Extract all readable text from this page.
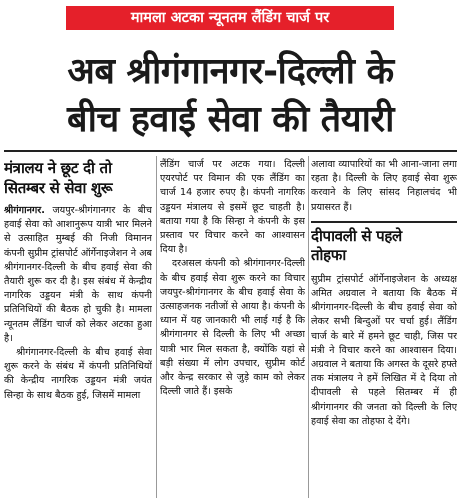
मामला अटका न्यूनतम लैंडिंग चार्ज पर
अब श्रीगंगानगर-दिल्ली के
बीच हवाई सेवा की तैयारी
मंत्रालय ने छूट दी तो
सितम्बर से सेवा शुरू

श्रीगंगानगर. जयपुर-श्रीगंगानगर के बीच हवाई सेवा को आशानुरूप यात्री भार मिलने से उत्साहित मुम्बई की निजी विमानन कंपनी सुप्रीम ट्रांसपोर्ट ऑर्गेनाइजेशन ने अब श्रीगंगानगर-दिल्ली के बीच हवाई सेवा की तैयारी शुरू कर दी है। इस संबंध में केन्द्रीय नागरिक उड्डयन मंत्री के साथ कंपनी प्रतिनिधियों की बैठक हो चुकी है। मामला न्यूनतम लैंडिंग चार्ज को लेकर अटका हुआ है।

श्रीगंगानगर-दिल्ली के बीच हवाई सेवा शुरू करने के संबंध में कंपनी प्रतिनिधियों की केन्द्रीय नागरिक उड्डयन मंत्री जयंत सिन्हा के साथ बैठक हुई, जिसमें मामला

लैंडिंग चार्ज पर अटक गया। दिल्ली एयरपोर्ट पर विमान की एक लैंडिंग का चार्ज 14 हजार रुपए है। कंपनी नागरिक उड्डयन मंत्रालय से इसमें छूट चाहती है। बताया गया है कि सिन्हा ने कंपनी के इस प्रस्ताव पर विचार करने का आश्वासन दिया है।

दरअसल कंपनी को श्रीगंगानगर-दिल्ली के बीच हवाई सेवा शुरू करने का विचार जयपुर-श्रीगंगानगर के बीच हवाई सेवा के उत्साहजनक नतीजों से आया है। कंपनी के ध्यान में यह जानकारी भी लाई गई है कि श्रीगंगानगर से दिल्ली के लिए भी अच्छा यात्री भार मिल सकता है, क्योंकि यहां से बड़ी संख्या में लोग उपचार, सुप्रीम कोर्ट और केन्द्र सरकार से जुड़े काम को लेकर दिल्ली जाते हैं। इसके

अलावा व्यापारियों का भी आना-जाना लगा रहता है। दिल्ली के लिए हवाई सेवा शुरू करवाने के लिए सांसद निहालचंद भी प्रयासरत हैं।

दीपावली से पहले
तोहफा

सुप्रीम ट्रांसपोर्ट ऑर्गेनाइजेशन के अध्यक्ष अमित अग्रवाल ने बताया कि बैठक में श्रीगंगानगर-दिल्ली के बीच हवाई सेवा को लेकर सभी बिन्दुओं पर चर्चा हुई। लैंडिंग चार्ज के बारे में हमने छूट चाही, जिस पर मंत्री ने विचार करने का आश्वासन दिया। अग्रवाल ने बताया कि अगस्त के दूसरे हफ्ते तक मंत्रालय ने हमें लिखित में दे दिया तो दीपावली से पहले सितम्बर में ही श्रीगंगानगर की जनता को दिल्ली के लिए हवाई सेवा का तोहफा दे देंगे।
